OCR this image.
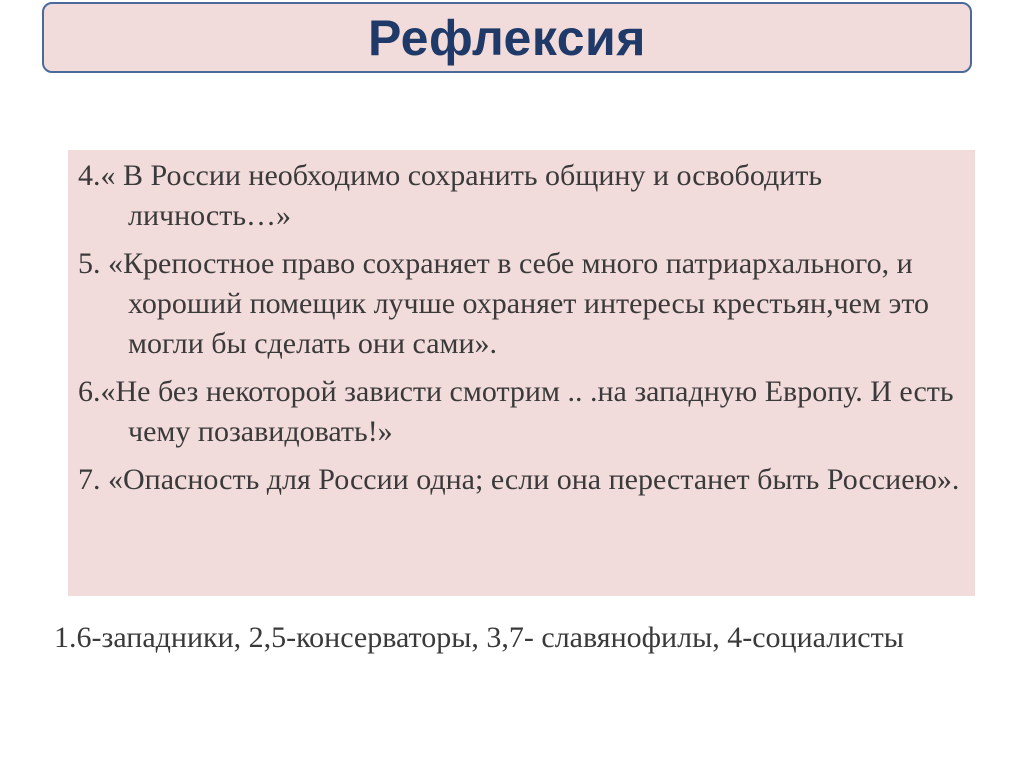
Рефлексия

4.« В России необходимо сохранить общину и освободить личность…»

5. «Крепостное право сохраняет в себе много патриархального, и хороший помещик лучше охраняет интересы крестьян,чем это могли бы сделать они сами».

6.«Не без некоторой зависти смотрим .. .на западную Европу. И есть чему позавидовать!»

7. «Опасность для России одна; если она перестанет быть Россиею».

1.6-западники, 2,5-консерваторы, 3,7- славянофилы, 4-социалисты
